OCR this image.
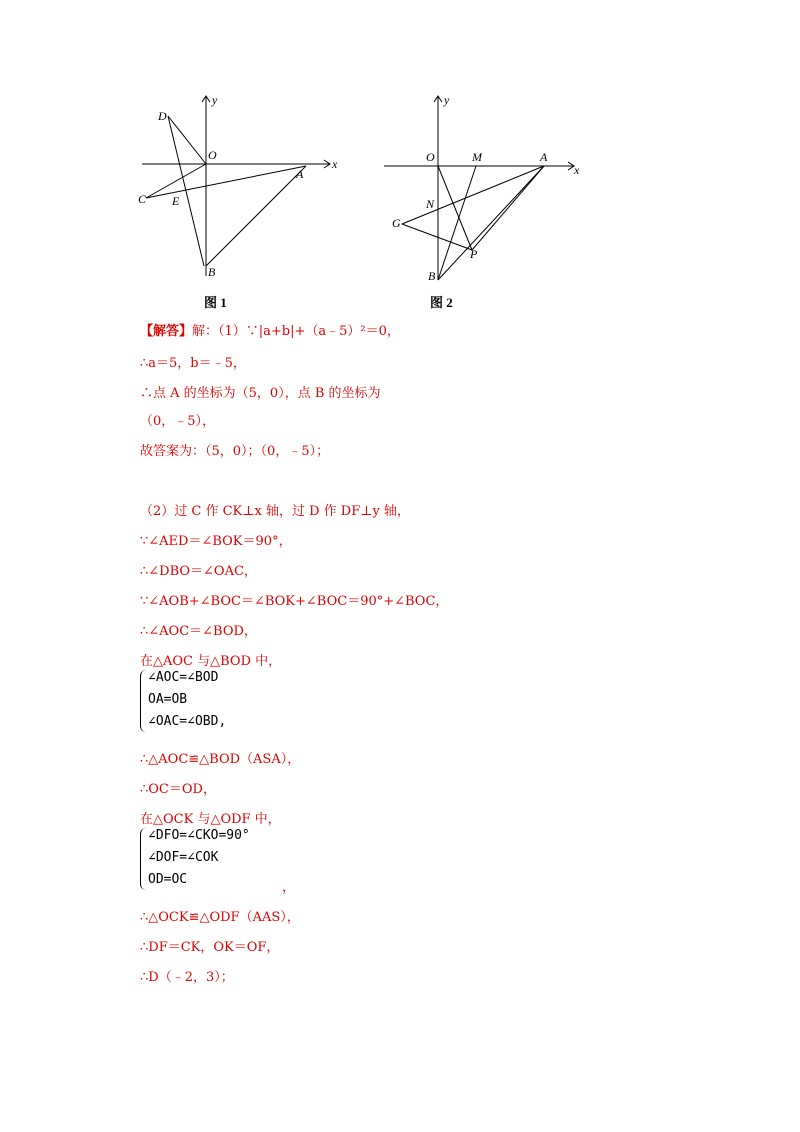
y
x
O
D
C E
A
B
图 1
y
x
O	M	A
N
G
P
B
图 2
【解答】解：（1）∵|a+b|+（a﹣5）²＝0，
∴a＝5，b＝﹣5，
∴点 A 的坐标为（5，0），点 B 的坐标为
（0，﹣5），
故答案为：（5，0）；（0，﹣5）；
（2）过 C 作 CK⊥x 轴，过 D 作 DF⊥y 轴，
∵∠AED＝∠BOK＝90°，
∴∠DBO＝∠OAC，
∵∠AOB+∠BOC＝∠BOK+∠BOC＝90°+∠BOC，
∴∠AOC＝∠BOD，
在△AOC 与△BOD 中，
∠AOC=∠BOD
OA=OB
∠OAC=∠OBD,
∴△AOC≌△BOD（ASA），
∴OC＝OD，
在△OCK 与△ODF 中，
∠DFO=∠CKO=90°
∠DOF=∠COK
OD=OC
，
∴△OCK≌△ODF（AAS），
∴DF＝CK，OK＝OF，
∴D（﹣2，3）；
